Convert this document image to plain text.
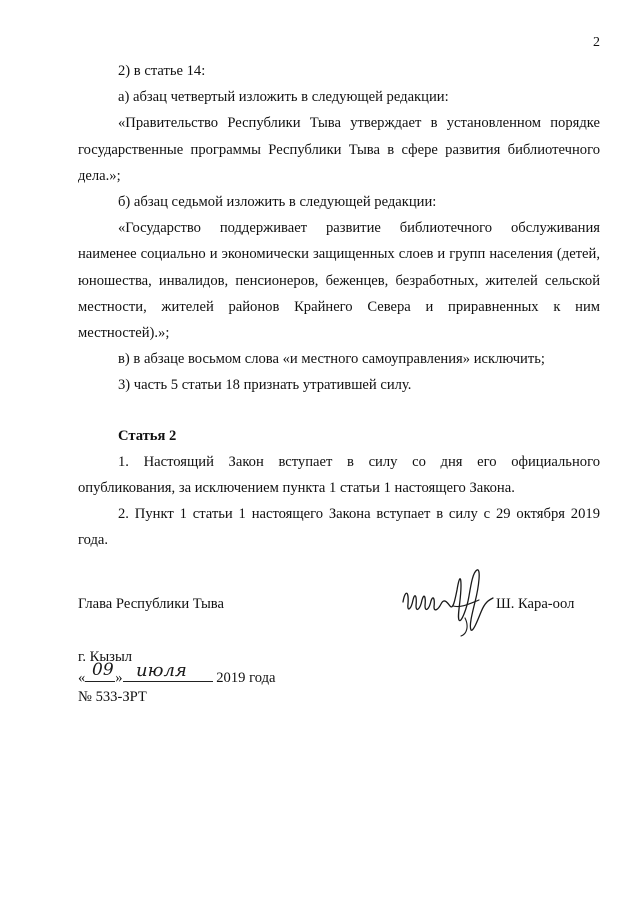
2

2) в статье 14:

а) абзац четвертый изложить в следующей редакции:

«Правительство Республики Тыва утверждает в установленном порядке государственные программы Республики Тыва в сфере развития библиотечного дела.»;

б) абзац седьмой изложить в следующей редакции:

«Государство поддерживает развитие библиотечного обслуживания наименее социально и экономически защищенных слоев и групп населения (детей, юношества, инвалидов, пенсионеров, беженцев, безработных, жителей сельской местности, жителей районов Крайнего Севера и приравненных к ним местностей).»;

в) в абзаце восьмом слова «и местного самоуправления» исключить;

3) часть 5 статьи 18 признать утратившей силу.

Статья 2

1. Настоящий Закон вступает в силу со дня его официального опубликования, за исключением пункта 1 статьи 1 настоящего Закона.

2. Пункт 1 статьи 1 настоящего Закона вступает в силу с 29 октября 2019 года.

Глава Республики Тыва	Ш. Кара-оол
г. Кызыл
« »	2019 года
09 июля
№ 533-ЗРТ
